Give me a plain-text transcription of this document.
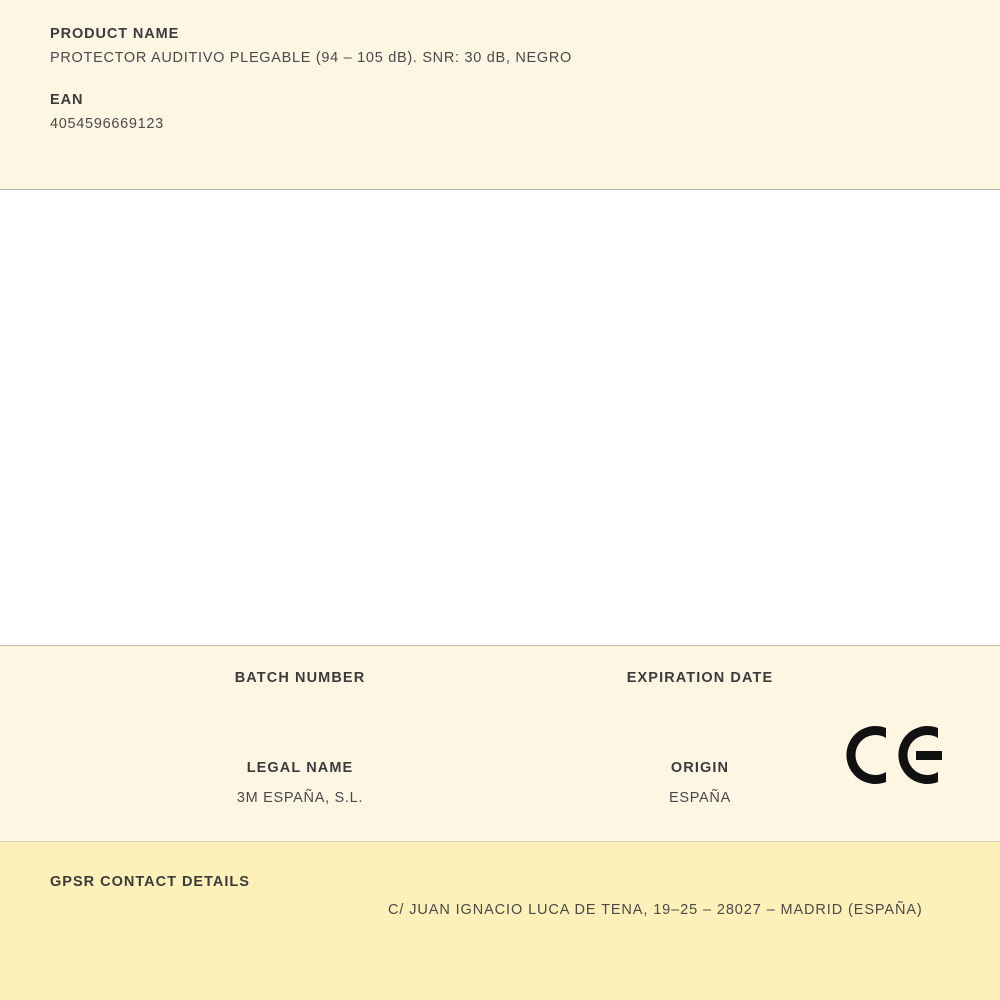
PRODUCT NAME

PROTECTOR AUDITIVO PLEGABLE (94 – 105 dB). SNR: 30 dB, NEGRO

EAN

4054596669123

BATCH NUMBER	EXPIRATION DATE

LEGAL NAME

3M ESPAÑA, S.L.

ORIGIN

ESPAÑA

GPSR CONTACT DETAILS

C/ JUAN IGNACIO LUCA DE TENA, 19–25 – 28027 – MADRID (ESPAÑA)
